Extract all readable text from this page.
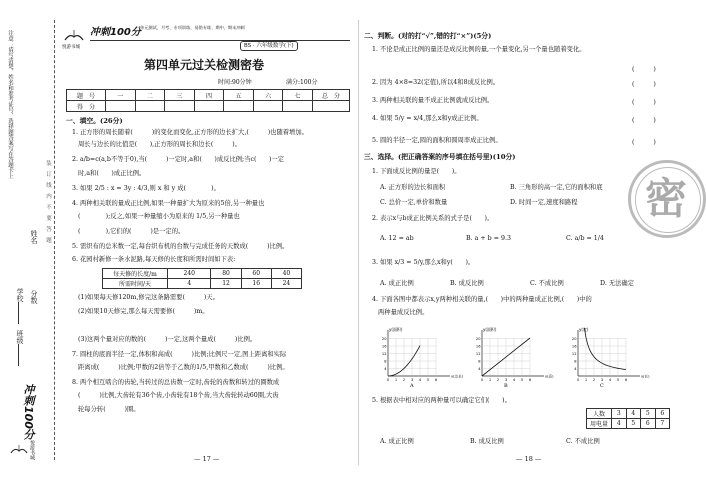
注意：请写清楚，姓名和准考证号，选择题答案写在答题卡上
装　订　线　内　不　要　答　题
学校
班级
姓名
分数
冲刺100分
悦游书城
悦游书城
冲刺100分 单元测试、月考、专项训练、易错专练、期中、期末冲刺
BS · 六年级数学(下)
第四单元过关检测密卷
时间:90分钟	满分:100分
题　号	一	二	三	四	五	六	七	总　分
得　分								
一、填空。(26分)
1. 正方形的周长随着(　　　)的变化而变化,正方形的边长扩大,(　　　)也随着增加。
周长与边长的比值是(　　),正方形的周长和边长(　　　)。
2. a/b=c(a,b不等于0),当(　　　)一定时,a和(　　)成反比例;当c(　　)一定
时,a和(　　)成正比例。
3. 如果 2/5 : x = 3y : 4/3,则 x 和 y 成(　　　　)。
4. 两种相关联的量成正比例,如果一种量扩大为原来的5倍,另一种量也
(　　　　);反之,如果一种量缩小为原来的 1/5,另一种量也
(　　　　),它们的(　　　)是一定的。
5. 需织布的总米数一定,每台织布机的台数与完成任务的天数成(　　　)比例。
6. 花园村新修一条水泥路,每天修的长度和所需时间如下表:
每天修的长度/m	240	80	60	40
所需时间/天	4	12	16	24
(1)如果每天修120m,修完这条路需要(　　　)天。
(2)如果10天修完,那么每天需要修(　　　)m。
(3)这两个量对应的数的(　　　)一定,这两个量成(　　　)比例。
7. 圆柱的底面半径一定,体积和高成(　　　)比例;比例尺一定,图上距离和实际
距离成(　　　)比例;甲数的2倍等于乙数的1/5,甲数和乙数成(　　　)比例。
8. 两个相互啮合的齿轮,当转过的总齿数一定时,齿轮的齿数和转过的圈数成
(　　　)比例,大齿轮有36个齿,小齿轮有18个齿,当大齿轮转动60圈,大齿
轮每分转(　　　)圈。
— 17 —
二、判断。(对的打“√”,错的打“×”)(5分)
1. 不论是成正比例的量还是成反比例的量,一个量变化,另一个量也随着变化。
(　　　)
2. 因为 4×8=32(定值),所以4和8成反比例。	(　　　)
3. 两种相关联的量不成正比例就成反比例。	(　　　)
4. 如果 5/y = x/4,那么x和y成正比例。	(　　　)
5. 圆的半径一定,圆的面积和圆周率成正比例。	(　　　)
三、选择。(把正确答案的序号填在括号里)(10分)
1. 下面成反比例的量是(　　)。
A. 正方形的边长和面积	B. 三角形的高一定,它的面积和底
C. 总价一定,单价和数量	D. 时间一定,速度和路程
2. 表示x与b成正比例关系的式子是(　　)。
A. 12 = ab	B. a + b = 9.3	C. a/b = 1/4
3. 如果 x/3 = 5/y,那么x和y(　　)。
A. 成正比例	B. 成反比例	C. 不成比例	D. 无法确定
4. 下面各图中都表示x,y两种相关联的量,(　　)中的两种量成正比例,(　　)中的
两种量成反比例。
20
16
12
8
4
0 1 2 3 4 5 6
y(面积)
x(边长)
A
20
16
12
8
4
0 1 2 3 4 5 6
y(面积)
x(高)
B
20
16
12
8
4
0 1 2 3 4 5 6
y(宽)
x(长)
C
5. 根据表中相对应的两种量可以确定它们(　　)。
人数	3	4	5	6
用电量	4	5	6	7
A. 成正比例	B. 成反比例	C. 不成比例
— 18 —
密
